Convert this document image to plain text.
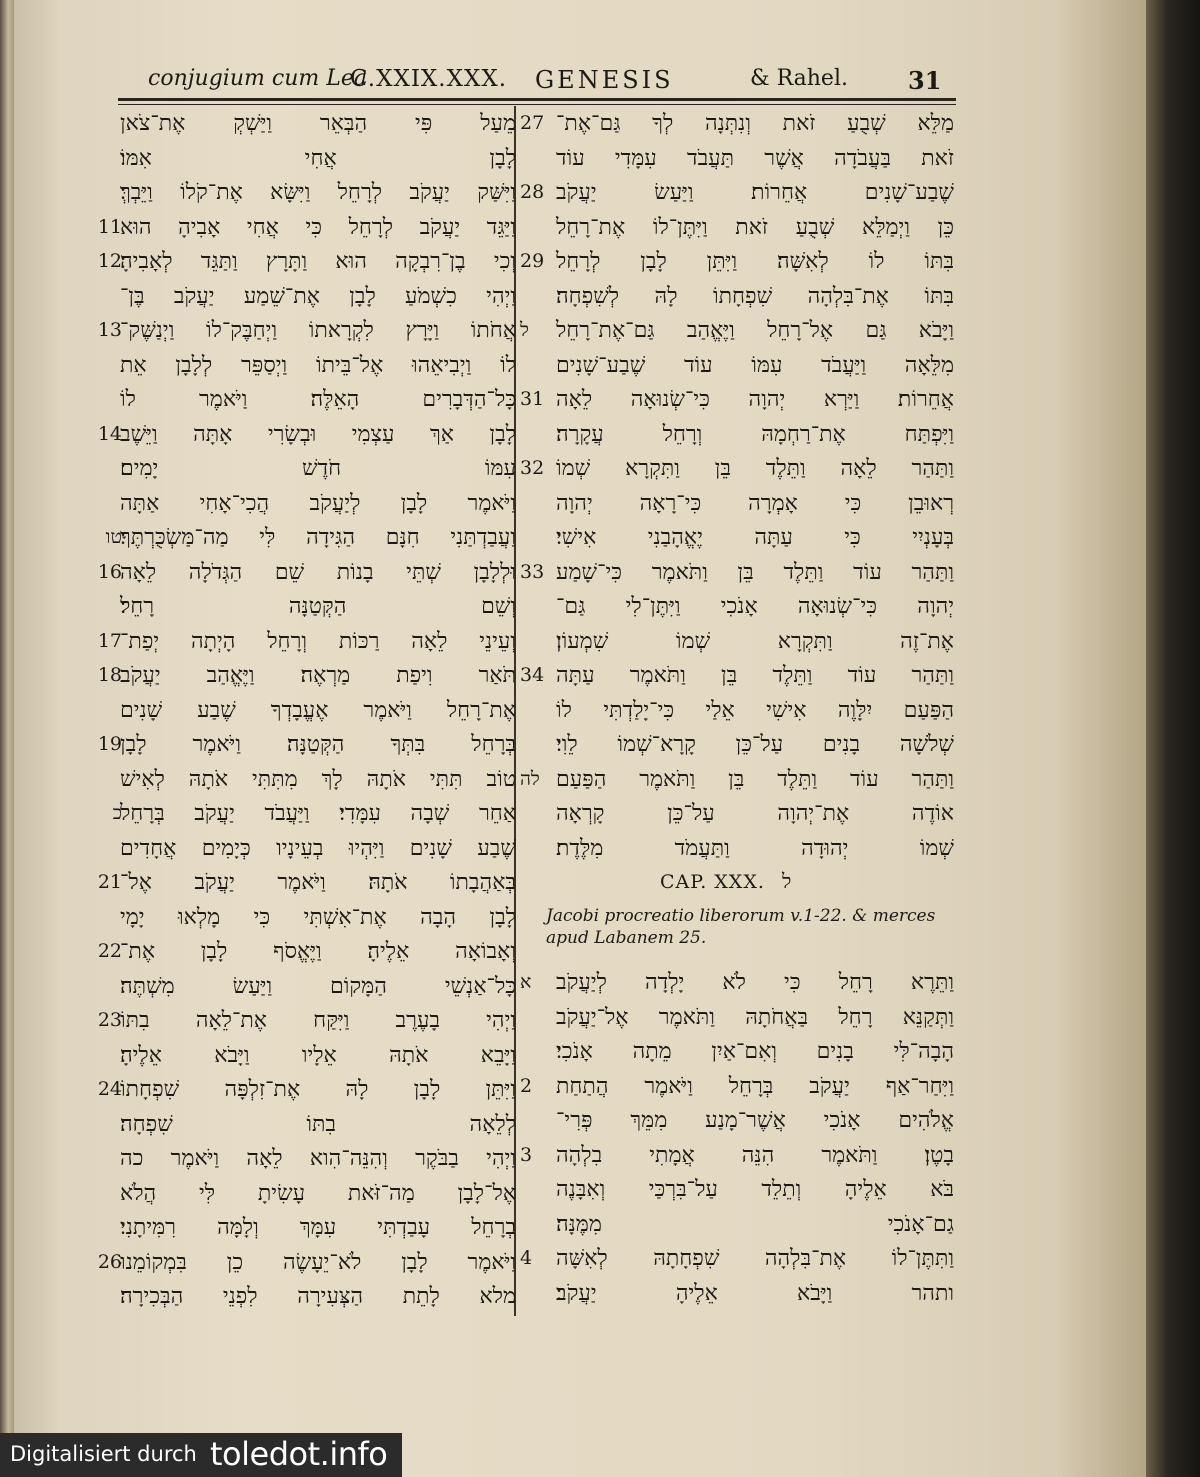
conjugium cum Lea
C.XXIX.XXX. GENESIS	& Rahel.	31
מֵעַל פִּי הַבְּאֵר וַיַּשְׁקְ אֶת־צֹאן
לָבָן אֲחִי אִמּוֹ׃
וַיִּשַּׁק יַעֲקֹב לְרָחֵל וַיִּשָּׂא אֶת־קֹלוֹ וַיֵּבְךְּ׃
11
וַיַּגֵּד יַעֲקֹב לְרָחֵל כִּי אֲחִי אָבִיהָ הוּא
12
וְכִי בֶן־רִבְקָה הוּא וַתָּרָץ וַתַּגֵּד לְאָבִיהָ׃
וַיְהִי כִשְׁמֹעַ לָבָן אֶת־שֵׁמַע יַעֲקֹב בֶּן־
13
אֲחֹתוֹ וַיָּרָץ לִקְרָאתוֹ וַיְחַבֶּק־לוֹ וַיְנַשֶּׁק־
לוֹ וַיְבִיאֵהוּ אֶל־בֵּיתוֹ וַיְסַפֵּר לְלָבָן אֵת
כָּל־הַדְּבָרִים הָאֵלֶּה׃ וַיֹּאמֶר לוֹ
14
לָבָן אַךְ עַצְמִי וּבְשָׂרִי אָתָּה וַיֵּשֶׁב
עִמּוֹ חֹדֶשׁ יָמִים׃
וַיֹּאמֶר לָבָן לְיַעֲקֹב הֲכִי־אָחִי אַתָּה
טו
וַעֲבַדְתַּנִי חִנָּם הַגִּידָה לִּי מַה־מַּשְׂכֻּרְתֶּךָ׃
16
וּלְלָבָן שְׁתֵּי בָנוֹת שֵׁם הַגְּדֹלָה לֵאָה
וְשֵׁם הַקְּטַנָּה רָחֵל׃
17
וְעֵינֵי לֵאָה רַכּוֹת וְרָחֵל הָיְתָה יְפַת־
18
תֹּאַר וִיפַת מַרְאֶה׃ וַיֶּאֱהַב יַעֲקֹב
אֶת־רָחֵל וַיֹּאמֶר אֶעֱבָדְךָ שֶׁבַע שָׁנִים
19
בְּרָחֵל בִּתְּךָ הַקְּטַנָּה׃ וַיֹּאמֶר לָבָן
טוֹב תִּתִּי אֹתָהּ לָךְ מִתִּתִּי אֹתָהּ לְאִישׁ
כ
אַחֵר שְׁבָה עִמָּדִי׃ וַיַּעֲבֹד יַעֲקֹב בְּרָחֵל
שֶׁבַע שָׁנִים וַיִּהְיוּ בְעֵינָיו כְּיָמִים אֲחָדִים
21
בְּאַהֲבָתוֹ אֹתָהּ׃ וַיֹּאמֶר יַעֲקֹב אֶל־
לָבָן הָבָה אֶת־אִשְׁתִּי כִּי מָלְאוּ יָמָי
22
וְאָבוֹאָה אֵלֶיהָ׃ וַיֶּאֱסֹף לָבָן אֶת־
כָּל־אַנְשֵׁי הַמָּקוֹם וַיַּעַשׂ מִשְׁתֶּה׃
23
וַיְהִי בָעֶרֶב וַיִּקַּח אֶת־לֵאָה בִתּוֹ
וַיָּבֵא אֹתָהּ אֵלָיו וַיָּבֹא אֵלֶיהָ׃
24
וַיִּתֵּן לָבָן לָהּ אֶת־זִלְפָּה שִׁפְחָתוֹ
לְלֵאָה בִתּוֹ שִׁפְחָה׃
וַיְהִי בַבֹּקֶר וְהִנֵּה־הִוא לֵאָה וַיֹּאמֶר כה
אֶל־לָבָן מַה־זֹּאת עָשִׂיתָ לִּי הֲלֹא
בְרָחֵל עָבַדְתִּי עִמָּךְ וְלָמָּה רִמִּיתָנִי׃
26
וַיֹּאמֶר לָבָן לֹא־יֵעָשֶׂה כֵן בִּמְקוֹמֵנוּ
מלא לָתֵת הַצְּעִירָה לִפְנֵי הַבְּכִירָה׃
27 מַלֵּא שְׁבֻעַ זֹאת וְנִתְּנָה לְךָ גַּם־אֶת־
זֹאת בַּעֲבֹדָה אֲשֶׁר תַּעֲבֹד עִמָּדִי עוֹד
28 שֶׁבַע־שָׁנִים אֲחֵרוֹת׃ וַיַּעַשׂ יַעֲקֹב
כֵּן וַיְמַלֵּא שְׁבֻעַ זֹאת וַיִּתֶּן־לוֹ אֶת־רָחֵל
29 בִּתּוֹ לוֹ לְאִשָּׁה׃ וַיִּתֵּן לָבָן לְרָחֵל
בִּתּוֹ אֶת־בִּלְהָה שִׁפְחָתוֹ לָהּ לְשִׁפְחָה׃
ל	וַיָּבֹא גַּם אֶל־רָחֵל וַיֶּאֱהַב גַּם־אֶת־רָחֵל
מִלֵּאָה וַיַּעֲבֹד עִמּוֹ עוֹד שֶׁבַע־שָׁנִים
31 אֲחֵרוֹת׃ וַיַּרְא יְהוָה כִּי־שְׂנוּאָה לֵאָה
וַיִּפְתַּח אֶת־רַחְמָהּ וְרָחֵל עֲקָרָה׃
32 וַתַּהַר לֵאָה וַתֵּלֶד בֵּן וַתִּקְרָא שְׁמוֹ
רְאוּבֵן כִּי אָמְרָה כִּי־רָאָה יְהוָה
בְּעָנְיִי כִּי עַתָּה יֶאֱהָבַנִי אִישִׁי׃
33 וַתַּהַר עוֹד וַתֵּלֶד בֵּן וַתֹּאמֶר כִּי־שָׁמַע
יְהוָה כִּי־שְׂנוּאָה אָנֹכִי וַיִּתֶּן־לִי גַּם־
אֶת־זֶה וַתִּקְרָא שְׁמוֹ שִׁמְעוֹן׃
34 וַתַּהַר עוֹד וַתֵּלֶד בֵּן וַתֹּאמֶר עַתָּה
הַפַּעַם יִלָּוֶה אִישִׁי אֵלַי כִּי־יָלַדְתִּי לוֹ
שְׁלֹשָׁה בָנִים עַל־כֵּן קָרָא־שְׁמוֹ לֵוִי׃
לה וַתַּהַר עוֹד וַתֵּלֶד בֵּן וַתֹּאמֶר הַפַּעַם
אוֹדֶה אֶת־יְהוָה עַל־כֵּן קָרְאָה
שְׁמוֹ יְהוּדָה וַתַּעֲמֹד מִלֶּדֶת׃
CAP. XXX. ל
Jacobi procreatio liberorum v.1-22. & merces apud Labanem 25.
א	וַתֵּרֶא רָחֵל כִּי לֹא יָלְדָה לְיַעֲקֹב
וַתְּקַנֵּא רָחֵל בַּאֲחֹתָהּ וַתֹּאמֶר אֶל־יַעֲקֹב
הָבָה־לִּי בָנִים וְאִם־אַיִן מֵתָה אָנֹכִי׃
2	וַיִּחַר־אַף יַעֲקֹב בְּרָחֵל וַיֹּאמֶר הֲתַחַת
אֱלֹהִים אָנֹכִי אֲשֶׁר־מָנַע מִמֵּךְ פְּרִי־
3	בָטֶן׃ וַתֹּאמֶר הִנֵּה אֲמָתִי בִלְהָה
בֹּא אֵלֶיהָ וְתֵלֵד עַל־בִּרְכַּי וְאִבָּנֶה
גַם־אָנֹכִי מִמֶּנָּה׃
4	וַתִּתֶּן־לוֹ אֶת־בִּלְהָה שִׁפְחָתָהּ לְאִשָּׁה
ותהר וַיָּבֹא אֵלֶיהָ יַעֲקֹב׃
Digitalisiert durch toledot.info
